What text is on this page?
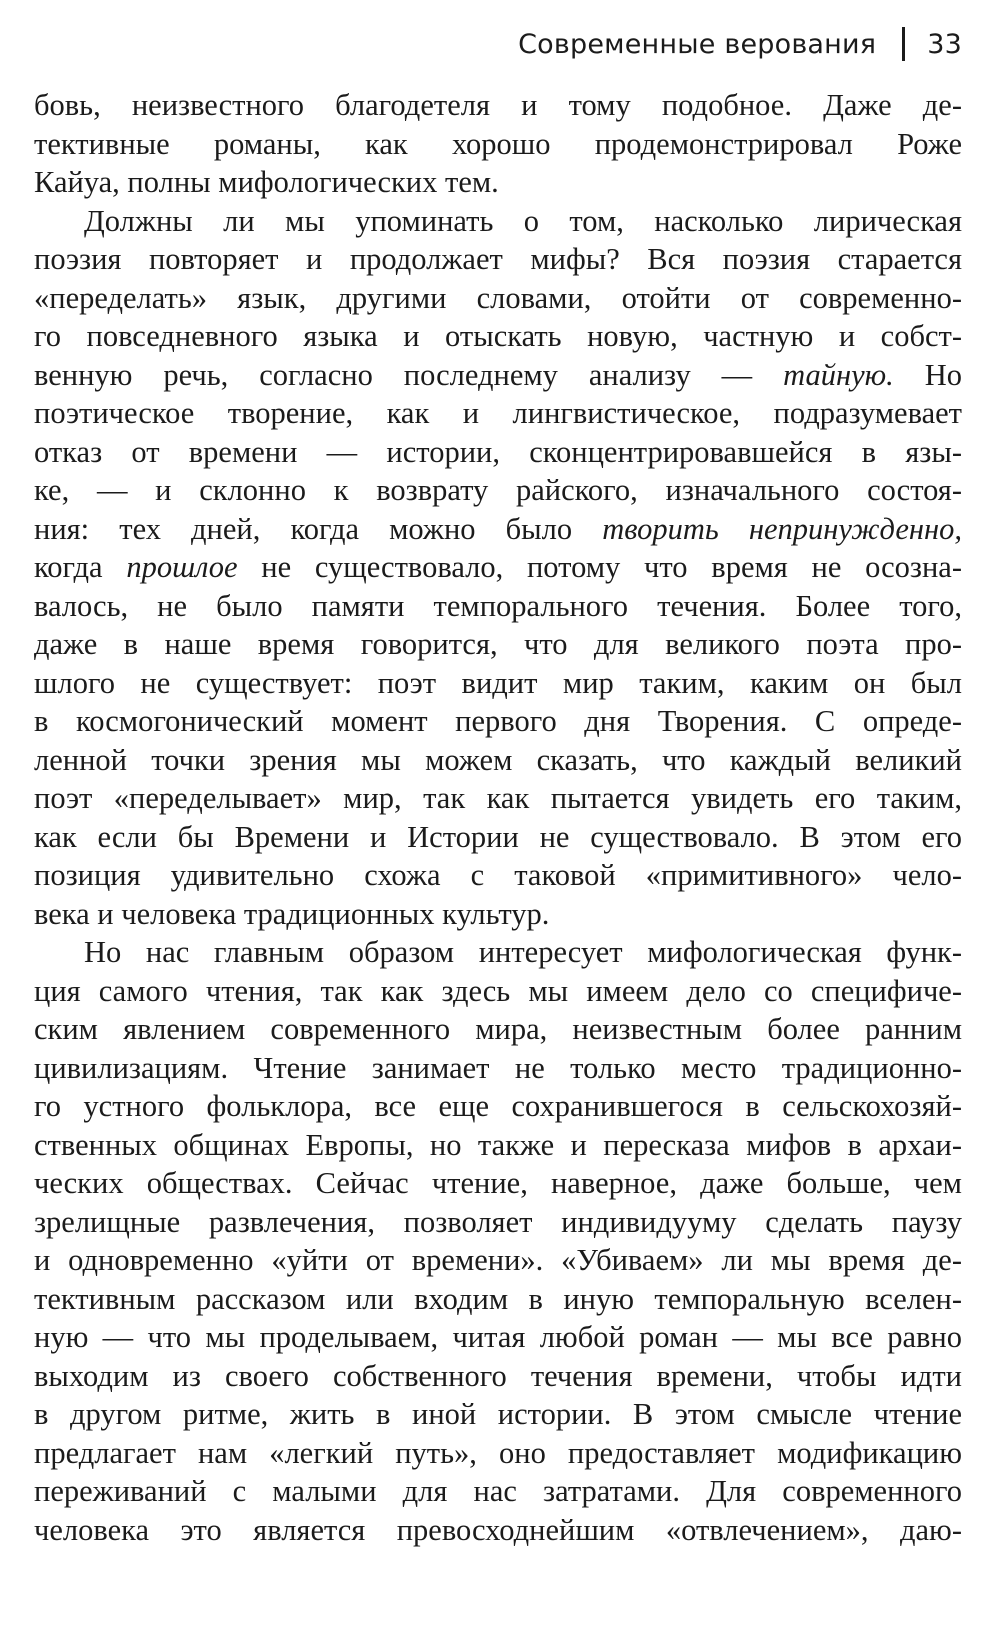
Современные верования 33
бовь, неизвестного благодетеля и тому подобное. Даже де-
тективные романы, как хорошо продемонстрировал Роже
Кайуа, полны мифологических тем.
Должны ли мы упоминать о том, насколько лирическая
поэзия повторяет и продолжает мифы? Вся поэзия старается
«переделать» язык, другими словами, отойти от современно-
го повседневного языка и отыскать новую, частную и собст-
венную речь, согласно последнему анализу — тайную. Но
поэтическое творение, как и лингвистическое, подразумевает
отказ от времени — истории, сконцентрировавшейся в язы-
ке, — и склонно к возврату райского, изначального состоя-
ния: тех дней, когда можно было творить непринужденно,
когда прошлое не существовало, потому что время не осозна-
валось, не было памяти темпорального течения. Более того,
даже в наше время говорится, что для великого поэта про-
шлого не существует: поэт видит мир таким, каким он был
в космогонический момент первого дня Творения. С опреде-
ленной точки зрения мы можем сказать, что каждый великий
поэт «переделывает» мир, так как пытается увидеть его таким,
как если бы Времени и Истории не существовало. В этом его
позиция удивительно схожа с таковой «примитивного» чело-
века и человека традиционных культур.
Но нас главным образом интересует мифологическая функ-
ция самого чтения, так как здесь мы имеем дело со специфиче-
ским явлением современного мира, неизвестным более ранним
цивилизациям. Чтение занимает не только место традиционно-
го устного фольклора, все еще сохранившегося в сельскохозяй-
ственных общинах Европы, но также и пересказа мифов в архаи-
ческих обществах. Сейчас чтение, наверное, даже больше, чем
зрелищные развлечения, позволяет индивидууму сделать паузу
и одновременно «уйти от времени». «Убиваем» ли мы время де-
тективным рассказом или входим в иную темпоральную вселен-
ную — что мы проделываем, читая любой роман — мы все равно
выходим из своего собственного течения времени, чтобы идти
в другом ритме, жить в иной истории. В этом смысле чтение
предлагает нам «легкий путь», оно предоставляет модификацию
переживаний с малыми для нас затратами. Для современного
человека это является превосходнейшим «отвлечением», даю-
